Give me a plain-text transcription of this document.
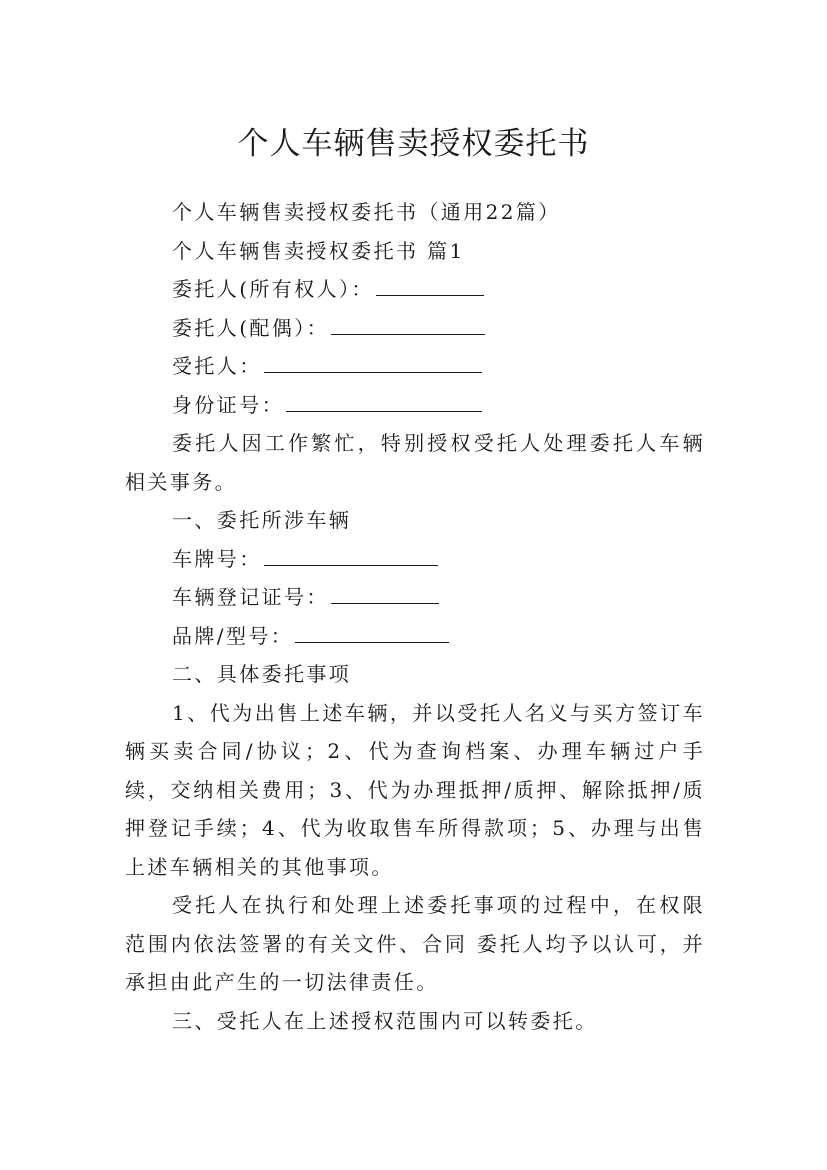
个人车辆售卖授权委托书

个人车辆售卖授权委托书（通用22篇）

个人车辆售卖授权委托书 篇1

委托人(所有权人）：

委托人(配偶）：

受托人：

身份证号：

委托人因工作繁忙，特别授权受托人处理委托人车辆相关事务。

一、委托所涉车辆

车牌号：

车辆登记证号：

品牌/型号：

二、具体委托事项

1、代为出售上述车辆，并以受托人名义与买方签订车辆买卖合同/协议；2、代为查询档案、办理车辆过户手续，交纳相关费用；3、代为办理抵押/质押、解除抵押/质押登记手续；4、代为收取售车所得款项；5、办理与出售上述车辆相关的其他事项。

受托人在执行和处理上述委托事项的过程中，在权限范围内依法签署的有关文件、合同 委托人均予以认可，并承担由此产生的一切法律责任。

三、受托人在上述授权范围内可以转委托。
